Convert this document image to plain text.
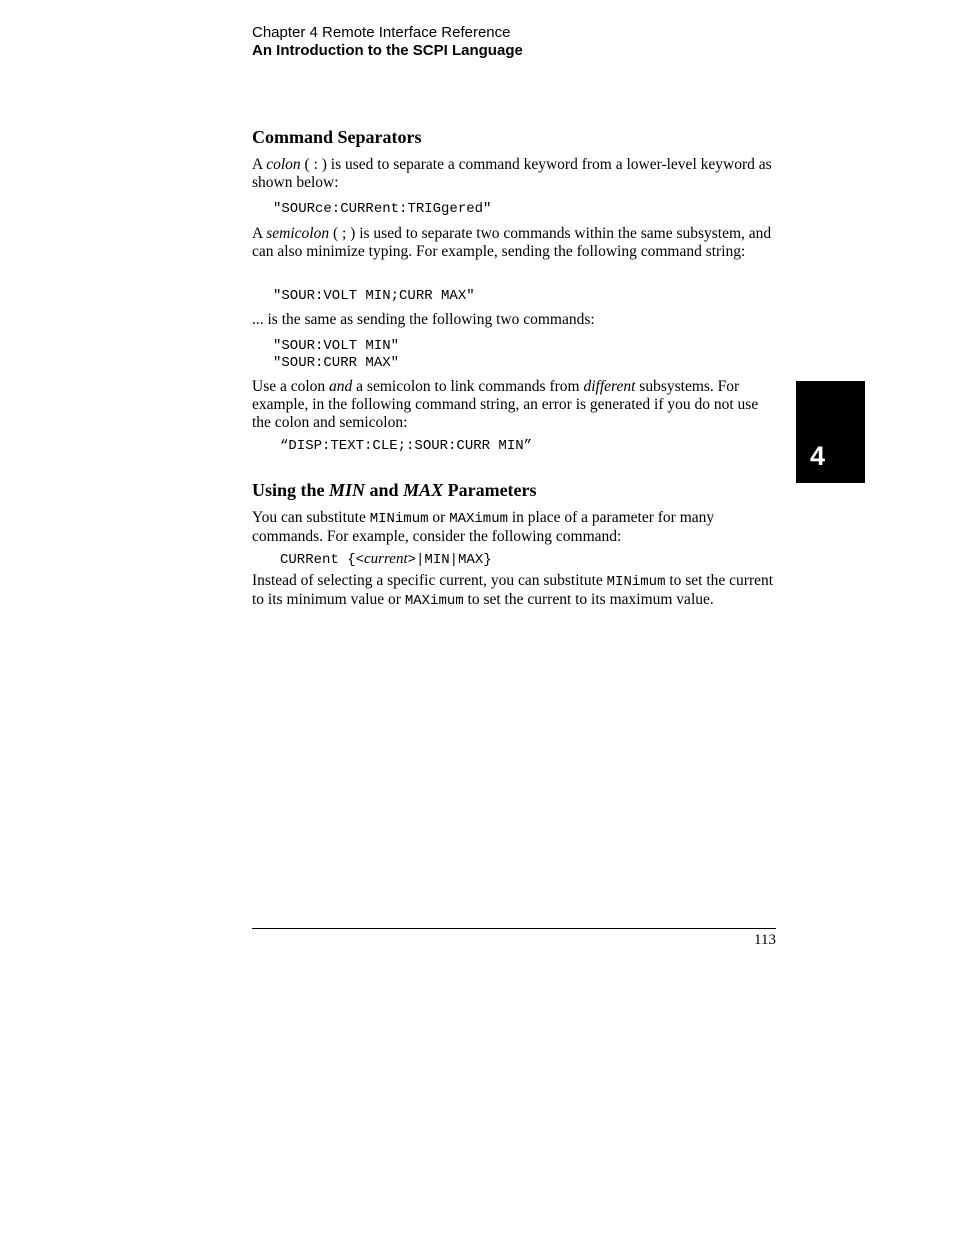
Chapter 4 Remote Interface Reference
An Introduction to the SCPI Language
Command Separators
A colon ( : ) is used to separate a command keyword from a lower-level keyword as shown below:
"SOURce:CURRent:TRIGgered"
A semicolon ( ; ) is used to separate two commands within the same subsystem, and can also minimize typing. For example, sending the following command string:
"SOUR:VOLT MIN;CURR MAX"
... is the same as sending the following two commands:
"SOUR:VOLT MIN"
"SOUR:CURR MAX"
Use a colon and a semicolon to link commands from different subsystems. For example, in the following command string, an error is generated if you do not use the colon and semicolon:
“DISP:TEXT:CLE;:SOUR:CURR MIN”	4
Using the MIN and MAX Parameters
You can substitute MINimum or MAXimum in place of a parameter for many commands. For example, consider the following command:
CURRent {<current>|MIN|MAX}
Instead of selecting a specific current, you can substitute MINimum to set the current to its minimum value or MAXimum to set the current to its maximum value.
113
